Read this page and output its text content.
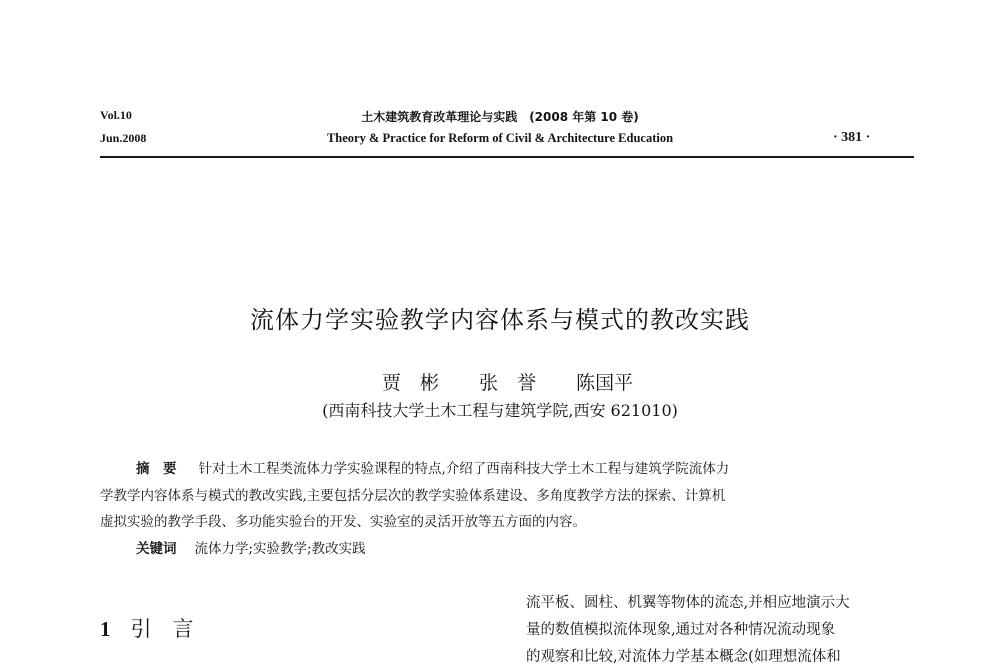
Vol.10
Jun.2008
土木建筑教育改革理论与实践　(2008 年第 10 卷)
Theory & Practice for Reform of Civil & Architecture Education	· 381 ·
流体力学实验教学内容体系与模式的教改实践
贾　彬 张　誉 陈国平
(西南科技大学土木工程与建筑学院,西安 621010)
摘　要 针对土木工程类流体力学实验课程的特点,介绍了西南科技大学土木工程与建筑学院流体力
学教学内容体系与模式的教改实践,主要包括分层次的教学实验体系建设、多角度教学方法的探索、计算机
虚拟实验的教学手段、多功能实验台的开发、实验室的灵活开放等五方面的内容。
关键词 流体力学;实验教学;教改实践
1 引　言
流平板、圆柱、机翼等物体的流态,并相应地演示大
量的数值模拟流体现象,通过对各种情况流动现象
的观察和比较,对流体力学基本概念(如理想流体和
